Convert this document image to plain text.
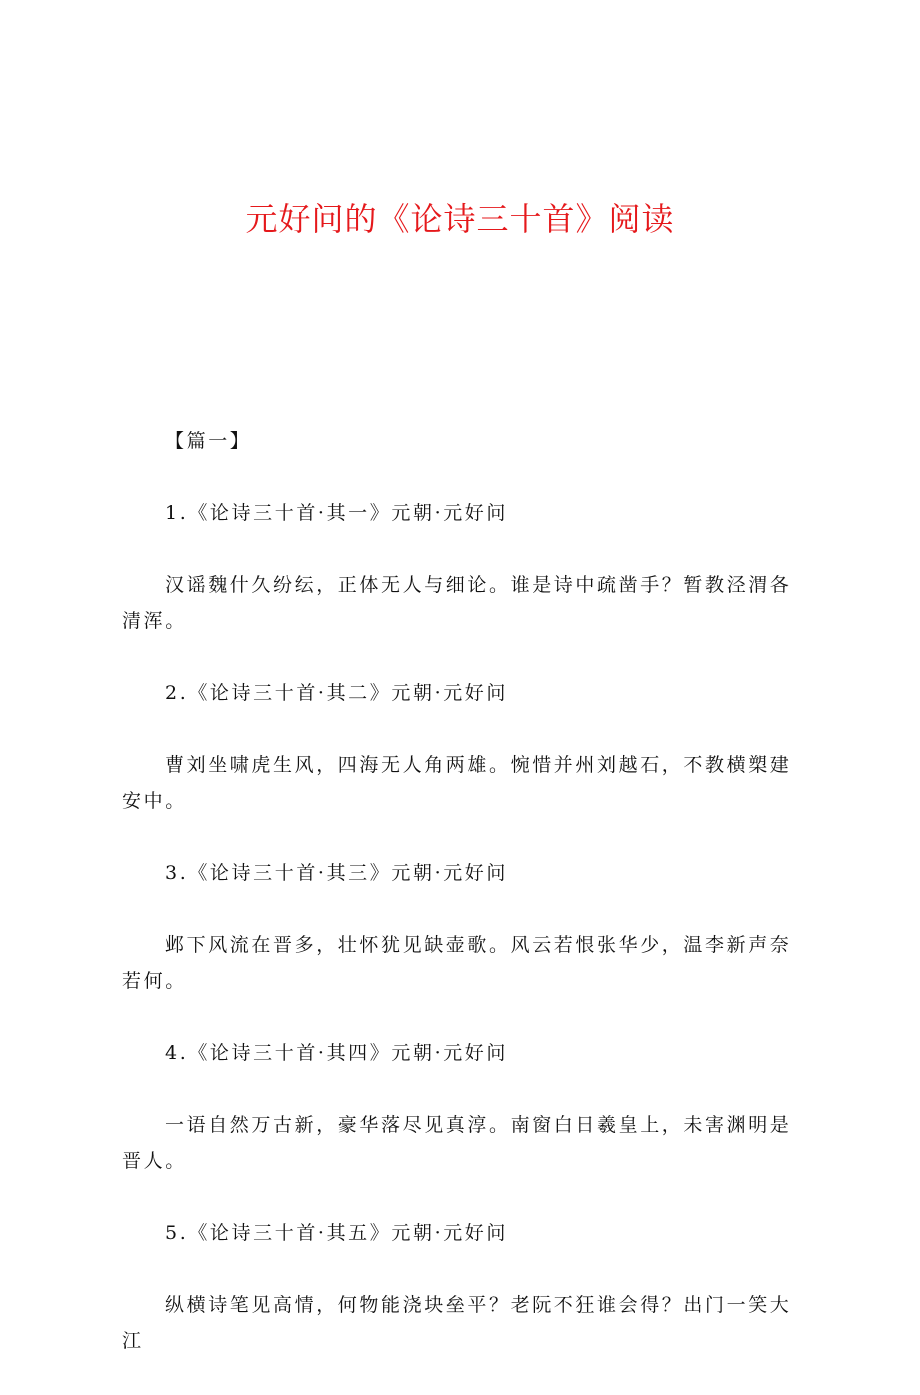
元好问的《论诗三十首》阅读
【篇一】
1.《论诗三十首·其一》元朝·元好问
汉谣魏什久纷纭，正体无人与细论。谁是诗中疏凿手？暂教泾渭各清浑。
2.《论诗三十首·其二》元朝·元好问
曹刘坐啸虎生风，四海无人角两雄。惋惜并州刘越石，不教横槊建安中。
3.《论诗三十首·其三》元朝·元好问
邺下风流在晋多，壮怀犹见缺壶歌。风云若恨张华少，温李新声奈若何。
4.《论诗三十首·其四》元朝·元好问
一语自然万古新，豪华落尽见真淳。南窗白日羲皇上，未害渊明是晋人。
5.《论诗三十首·其五》元朝·元好问
纵横诗笔见高情，何物能浇块垒平？老阮不狂谁会得？出门一笑大江
